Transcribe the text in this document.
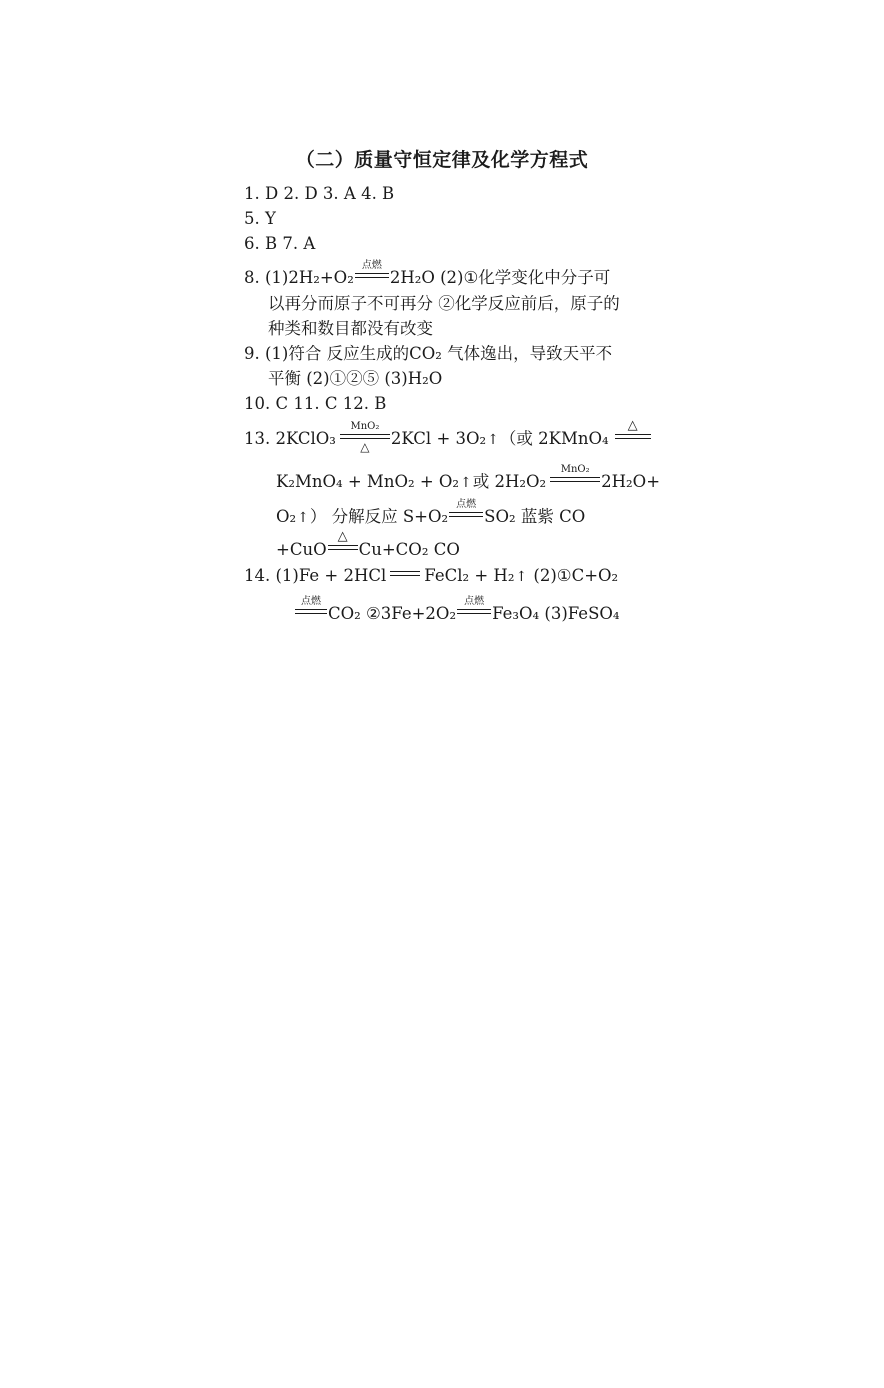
（二）质量守恒定律及化学方程式
1. D 2. D 3. A 4. B
5. Y
6. B 7. A
8. (1)2H₂+O₂
点燃
2H₂O (2)①化学变化中分子可
以再分而原子不可再分 ②化学反应前后，原子的
种类和数目都没有改变
9. (1)符合 反应生成的CO₂ 气体逸出，导致天平不
平衡 (2)①②⑤ (3)H₂O
10. C 11. C 12. B
13. 2KClO₃
MnO₂
△	2KCl + 3O₂↑（或 2KMnO₄
△
K₂MnO₄ + MnO₂ + O₂↑或 2H₂O₂
MnO₂
2H₂O+
O₂↑） 分解反应 S+O₂
点燃
SO₂ 蓝紫 CO
+CuO
△
Cu+CO₂ CO
14. (1)Fe + 2HCl FeCl₂ + H₂↑ (2)①C+O₂
点燃
CO₂ ②3Fe+2O₂
点燃
Fe₃O₄ (3)FeSO₄
